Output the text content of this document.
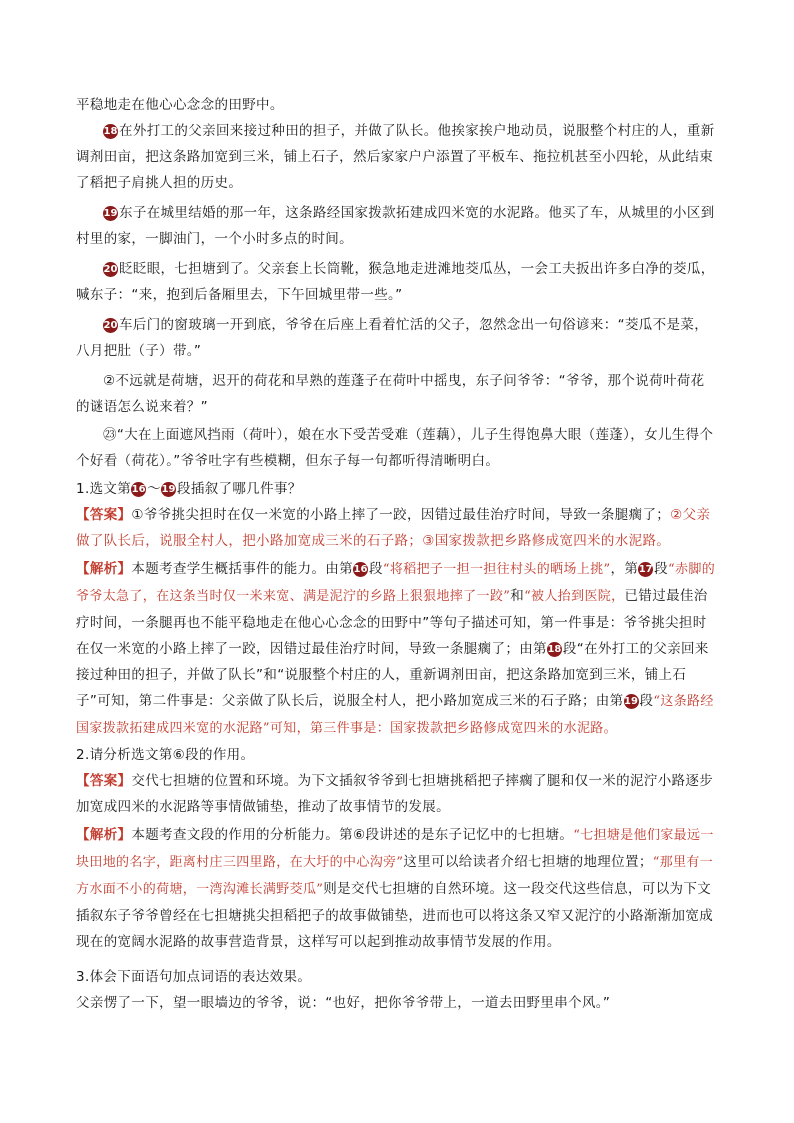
平稳地走在他心心念念的田野中。
18 在外打工的父亲回来接过种田的担子，并做了队长。他挨家挨户地动员，说服整个村庄的人，重新调剂田亩，把这条路加宽到三米，铺上石子，然后家家户户添置了平板车、拖拉机甚至小四轮，从此结束了稻把子肩挑人担的历史。
19 东子在城里结婚的那一年，这条路经国家拨款拓建成四米宽的水泥路。他买了车，从城里的小区到村里的家，一脚油门，一个小时多点的时间。
20 眨眨眼，七担塘到了。父亲套上长筒靴，猴急地走进滩地茭瓜丛，一会工夫扳出许多白净的茭瓜，喊东子：“来，抱到后备厢里去，下午回城里带一些。”
20 车后门的窗玻璃一开到底，爷爷在后座上看着忙活的父子，忽然念出一句俗谚来：“茭瓜不是菜，八月把肚（子）带。”
②不远就是荷塘，迟开的荷花和早熟的莲蓬子在荷叶中摇曳，东子问爷爷：“爷爷，那个说荷叶荷花的谜语怎么说来着？”
㉓“大在上面遮风挡雨（荷叶），娘在水下受苦受难（莲藕），儿子生得饱鼻大眼（莲蓬），女儿生得个个好看（荷花）。”爷爷吐字有些模糊，但东子每一句都听得清晰明白。
1.选文第16 ～19 段插叙了哪几件事？
【答案】①爷爷挑尖担时在仅一米宽的小路上摔了一跤，因错过最佳治疗时间，导致一条腿瘸了；②父亲做了队长后，说服全村人，把小路加宽成三米的石子路；③国家拨款把乡路修成宽四米的水泥路。
【解析】本题考查学生概括事件的能力。由第16 段“将稻把子一担一担往村头的晒场上挑”，第17 段“赤脚的爷爷太急了，在这条当时仅一米来宽、满是泥泞的乡路上狠狠地摔了一跤”和“被人抬到医院，已错过最佳治疗时间，一条腿再也不能平稳地走在他心心念念的田野中”等句子描述可知，第一件事是：爷爷挑尖担时在仅一米宽的小路上摔了一跤，因错过最佳治疗时间，导致一条腿瘸了；由第18 段“在外打工的父亲回来接过种田的担子，并做了队长”和“说服整个村庄的人，重新调剂田亩，把这条路加宽到三米，铺上石子”可知，第二件事是：父亲做了队长后，说服全村人，把小路加宽成三米的石子路；由第19 段“这条路经国家拨款拓建成四米宽的水泥路”可知，第三件事是：国家拨款把乡路修成宽四米的水泥路。
2.请分析选文第⑥段的作用。
【答案】交代七担塘的位置和环境。为下文插叙爷爷到七担塘挑稻把子摔瘸了腿和仅一米的泥泞小路逐步加宽成四米的水泥路等事情做铺垫，推动了故事情节的发展。
【解析】本题考查文段的作用的分析能力。第⑥段讲述的是东子记忆中的七担塘。“七担塘是他们家最远一块田地的名字，距离村庄三四里路，在大圩的中心沟旁”这里可以给读者介绍七担塘的地理位置；“那里有一方水面不小的荷塘，一湾沟滩长满野茭瓜”则是交代七担塘的自然环境。这一段交代这些信息，可以为下文插叙东子爷爷曾经在七担塘挑尖担稻把子的故事做铺垫，进而也可以将这条又窄又泥泞的小路渐渐加宽成现在的宽阔水泥路的故事营造背景，这样写可以起到推动故事情节发展的作用。
3.体会下面语句加点词语的表达效果。
父亲愣了一下，望一眼墙边的爷爷，说：“也好，把你爷爷带上，一道去田野里串个风。”
